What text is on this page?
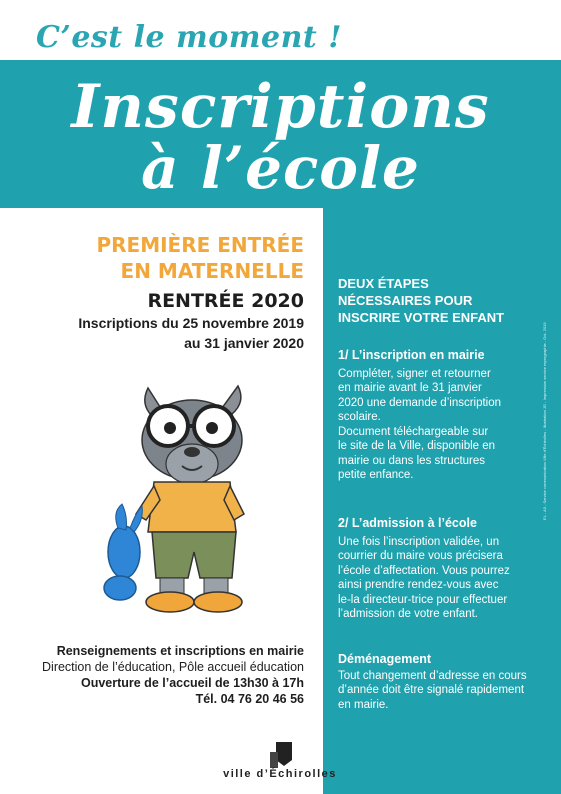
C’est le moment !
Inscriptions
à l’école
PREMIÈRE ENTRÉE
EN MATERNELLE
RENTRÉE 2020
Inscriptions du 25 novembre 2019
au 31 janvier 2020
DEUX ÉTAPES
NÉCESSAIRES POUR
INSCRIRE VOTRE ENFANT
1/ L’inscription en mairie
Compléter, signer et retourner
en mairie avant le 31 janvier
2020 une demande d’inscription
scolaire.
Document téléchargeable sur
le site de la Ville, disponible en
mairie ou dans les structures
petite enfance.
2/ L’admission à l’école
Une fois l’inscription validée, un
courrier du maire vous précisera
l’école d’affectation. Vous pourrez
ainsi prendre rendez-vous avec
le-la directeur-trice pour effectuer
l’admission de votre enfant.
Déménagement
Tout changement d’adresse en cours
d’année doit être signalé rapidement
en mairie.
EL - A3 - Service communication Ville d’Échirolles - Illustration JG - Impression service reprographie - Oct. 2019
Renseignements et inscriptions en mairie
Direction de l’éducation, Pôle accueil éducation
Ouverture de l’accueil de 13h30 à 17h
Tél. 04 76 20 46 56
ville d’Échirolles
